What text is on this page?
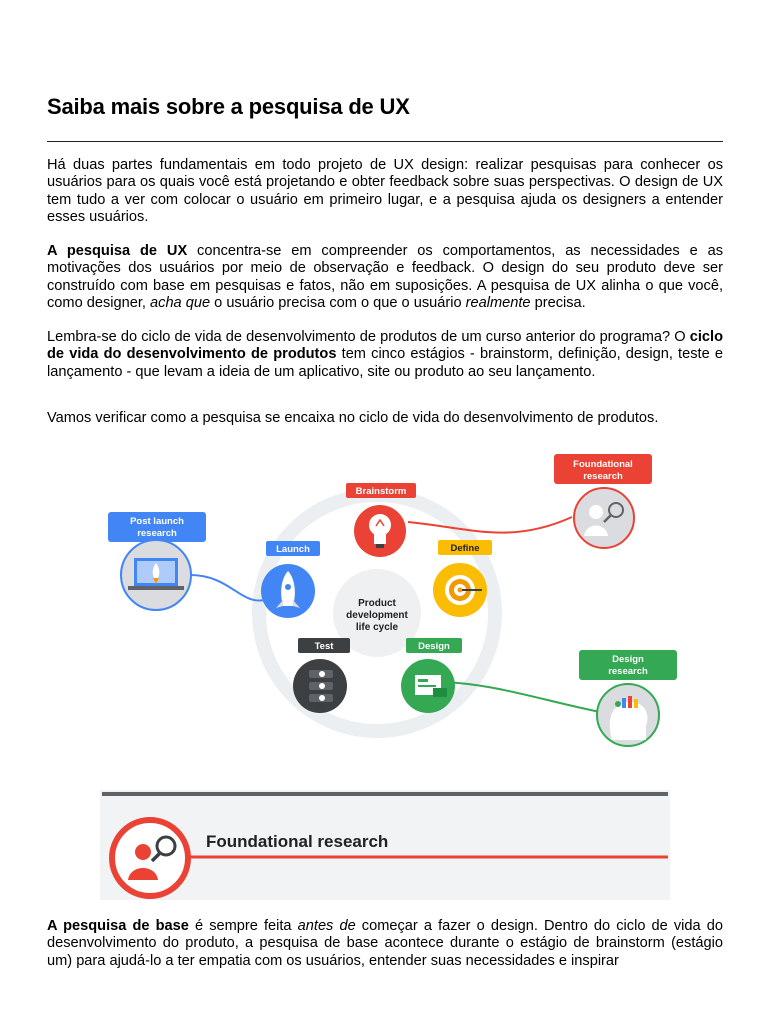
Saiba mais sobre a pesquisa de UX

Há duas partes fundamentais em todo projeto de UX design: realizar pesquisas para conhecer os usuários para os quais você está projetando e obter feedback sobre suas perspectivas. O design de UX tem tudo a ver com colocar o usuário em primeiro lugar, e a pesquisa ajuda os designers a entender esses usuários.

A pesquisa de UX concentra-se em compreender os comportamentos, as necessidades e as motivações dos usuários por meio de observação e feedback. O design do seu produto deve ser construído com base em pesquisas e fatos, não em suposições. A pesquisa de UX alinha o que você, como designer, acha que o usuário precisa com o que o usuário realmente precisa.

Lembra-se do ciclo de vida de desenvolvimento de produtos de um curso anterior do programa? O ciclo de vida do desenvolvimento de produtos tem cinco estágios - brainstorm, definição, design, teste e lançamento - que levam a ideia de um aplicativo, site ou produto ao seu lançamento.

Vamos verificar como a pesquisa se encaixa no ciclo de vida do desenvolvimento de produtos.

Product
development
life cycle
Brainstorm
Define
Design
Test
Launch
Foundational
research
Post launch
research
Design
research
Foundational research

A pesquisa de base é sempre feita antes de começar a fazer o design. Dentro do ciclo de vida do desenvolvimento do produto, a pesquisa de base acontece durante o estágio de brainstorm (estágio um) para ajudá-lo a ter empatia com os usuários, entender suas necessidades e inspirar
